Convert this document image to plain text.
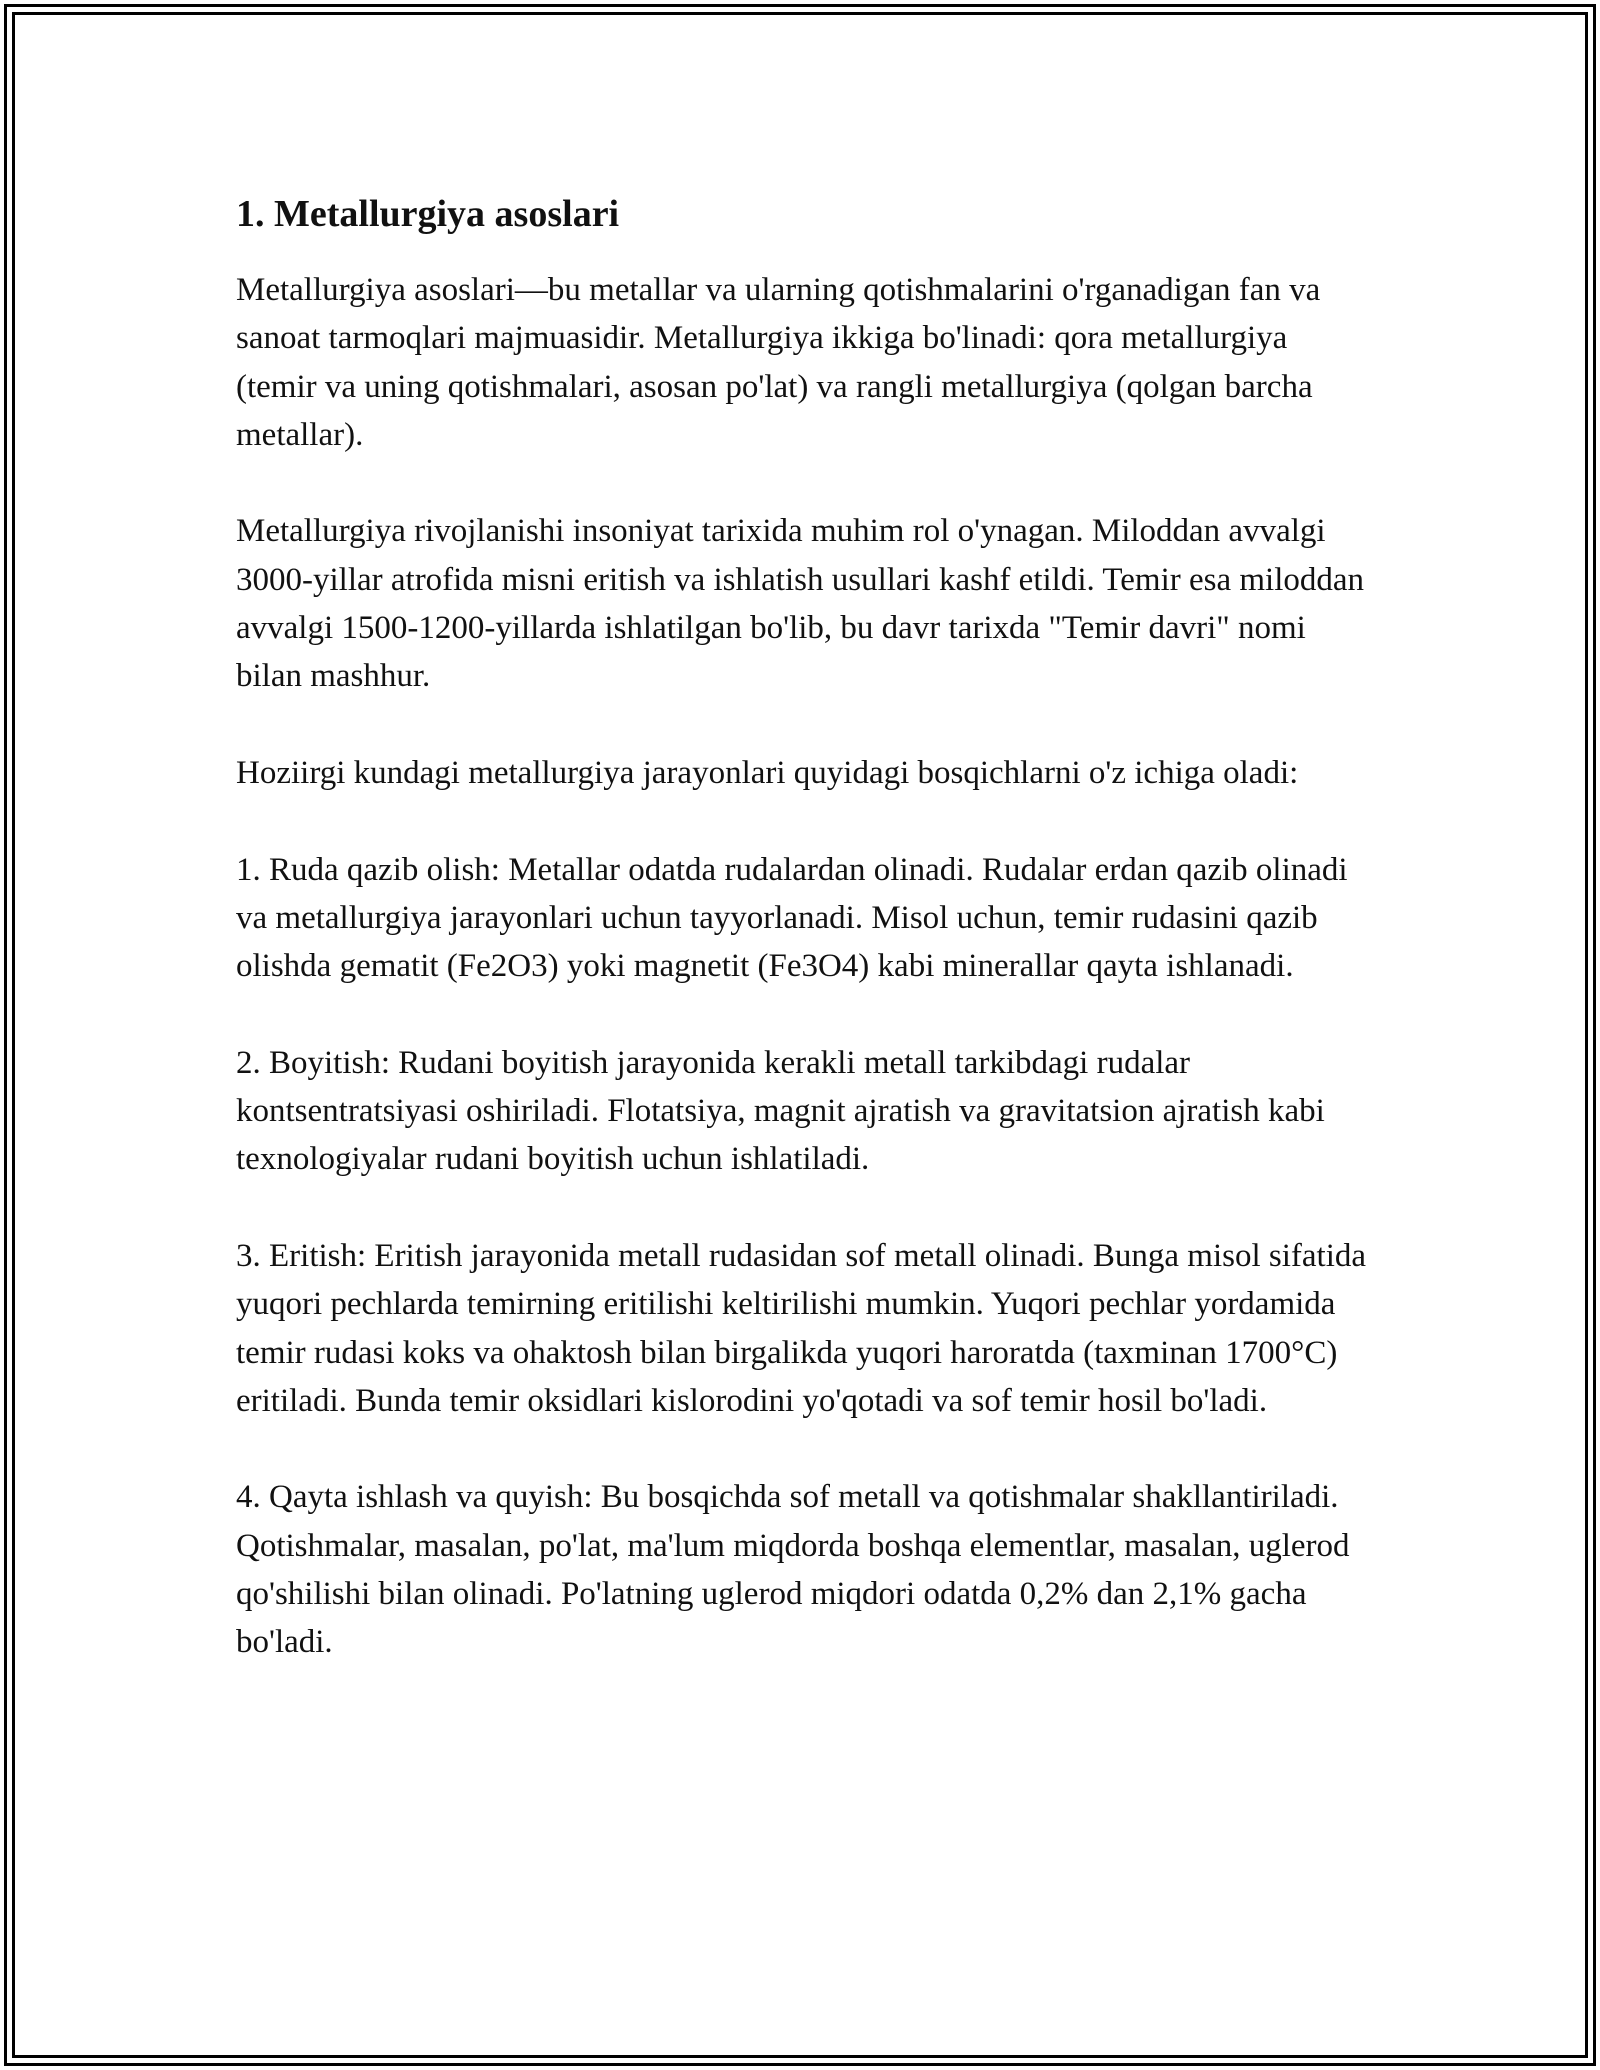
1. Metallurgiya asoslari

Metallurgiya asoslari—bu metallar va ularning qotishmalarini o'rganadigan fan va sanoat tarmoqlari majmuasidir. Metallurgiya ikkiga bo'linadi: qora metallurgiya (temir va uning qotishmalari, asosan po'lat) va rangli metallurgiya (qolgan barcha metallar).

Metallurgiya rivojlanishi insoniyat tarixida muhim rol o'ynagan. Miloddan avvalgi 3000-yillar atrofida misni eritish va ishlatish usullari kashf etildi. Temir esa miloddan avvalgi 1500-1200-yillarda ishlatilgan bo'lib, bu davr tarixda "Temir davri" nomi bilan mashhur.

Hoziirgi kundagi metallurgiya jarayonlari quyidagi bosqichlarni o'z ichiga oladi:

1. Ruda qazib olish: Metallar odatda rudalardan olinadi. Rudalar erdan qazib olinadi va metallurgiya jarayonlari uchun tayyorlanadi. Misol uchun, temir rudasini qazib olishda gematit (Fe2O3) yoki magnetit (Fe3O4) kabi minerallar qayta ishlanadi.

2. Boyitish: Rudani boyitish jarayonida kerakli metall tarkibdagi rudalar kontsentratsiyasi oshiriladi. Flotatsiya, magnit ajratish va gravitatsion ajratish kabi texnologiyalar rudani boyitish uchun ishlatiladi.

3. Eritish: Eritish jarayonida metall rudasidan sof metall olinadi. Bunga misol sifatida yuqori pechlarda temirning eritilishi keltirilishi mumkin. Yuqori pechlar yordamida temir rudasi koks va ohaktosh bilan birgalikda yuqori haroratda (taxminan 1700°C) eritiladi. Bunda temir oksidlari kislorodini yo'qotadi va sof temir hosil bo'ladi.

4. Qayta ishlash va quyish: Bu bosqichda sof metall va qotishmalar shakllantiriladi. Qotishmalar, masalan, po'lat, ma'lum miqdorda boshqa elementlar, masalan, uglerod qo'shilishi bilan olinadi. Po'latning uglerod miqdori odatda 0,2% dan 2,1% gacha bo'ladi.
